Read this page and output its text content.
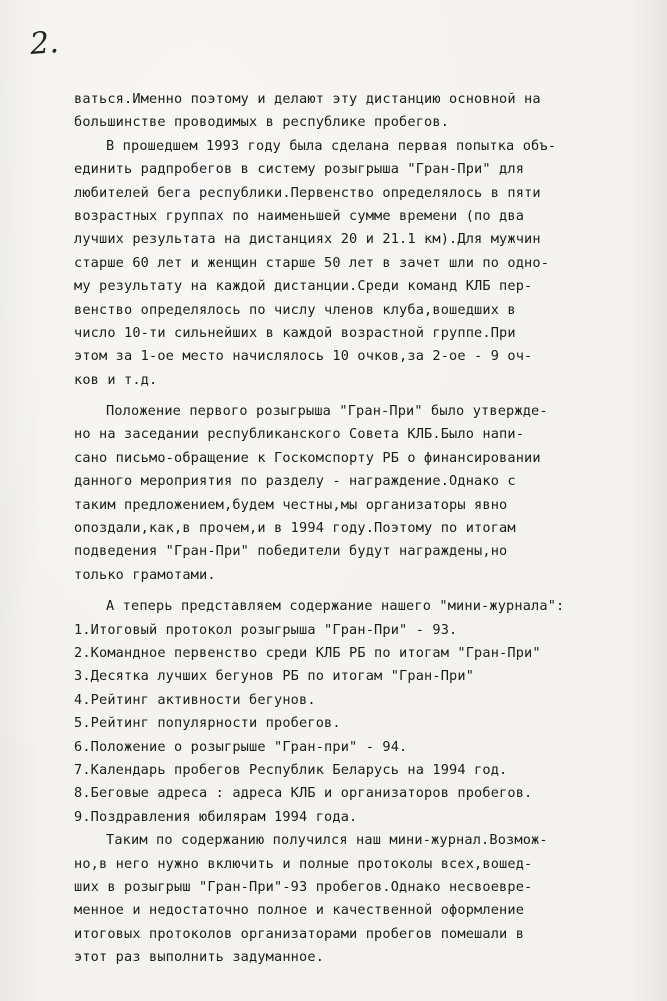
2.
ваться.Именно поэтому и делают эту дистанцию основной на
большинстве проводимых в республике пробегов.
В прошедшем 1993 году была сделана первая попытка объ-
единить радпробегов в систему розыгрыша "Гран-При" для
любителей бега республики.Первенство определялось в пяти
возрастных группах по наименьшей сумме времени (по два
лучших результата на дистанциях 20 и 21.1 км).Для мужчин
старше 60 лет и женщин старше 50 лет в зачет шли по одно-
му результату на каждой дистанции.Среди команд КЛБ пер-
венство определялось по числу членов клуба,вошедших в
число 10-ти сильнейших в каждой возрастной группе.При
этом за 1-ое место начислялось 10 очков,за 2-ое - 9 оч-
ков и т.д.
Положение первого розыгрыша "Гран-При" было утвержде-
но на заседании республиканского Совета КЛБ.Было напи-
сано письмо-обращение к Госкомспорту РБ о финансировании
данного мероприятия по разделу - награждение.Однако с
таким предложением,будем честны,мы организаторы явно
опоздали,как,в прочем,и в 1994 году.Поэтому по итогам
подведения "Гран-При" победители будут награждены,но
только грамотами.
А теперь представляем содержание нашего "мини-журнала":
1.Итоговый протокол розыгрыша "Гран-При" - 93.
2.Командное первенство среди КЛБ РБ по итогам "Гран-При"
3.Десятка лучших бегунов РБ по итогам "Гран-При"
4.Рейтинг активности бегунов.
5.Рейтинг популярности пробегов.
6.Положение о розыгрыше "Гран-при" - 94.
7.Календарь пробегов Республик Беларусь на 1994 год.
8.Беговые адреса : адреса КЛБ и организаторов пробегов.
9.Поздравления юбилярам 1994 года.
Таким по содержанию получился наш мини-журнал.Возмож-
но,в него нужно включить и полные протоколы всех,вошед-
ших в розыгрыш "Гран-При"-93 пробегов.Однако несвоевре-
менное и недостаточно полное и качественной оформление
итоговых протоколов организаторами пробегов помешали в
этот раз выполнить задуманное.
